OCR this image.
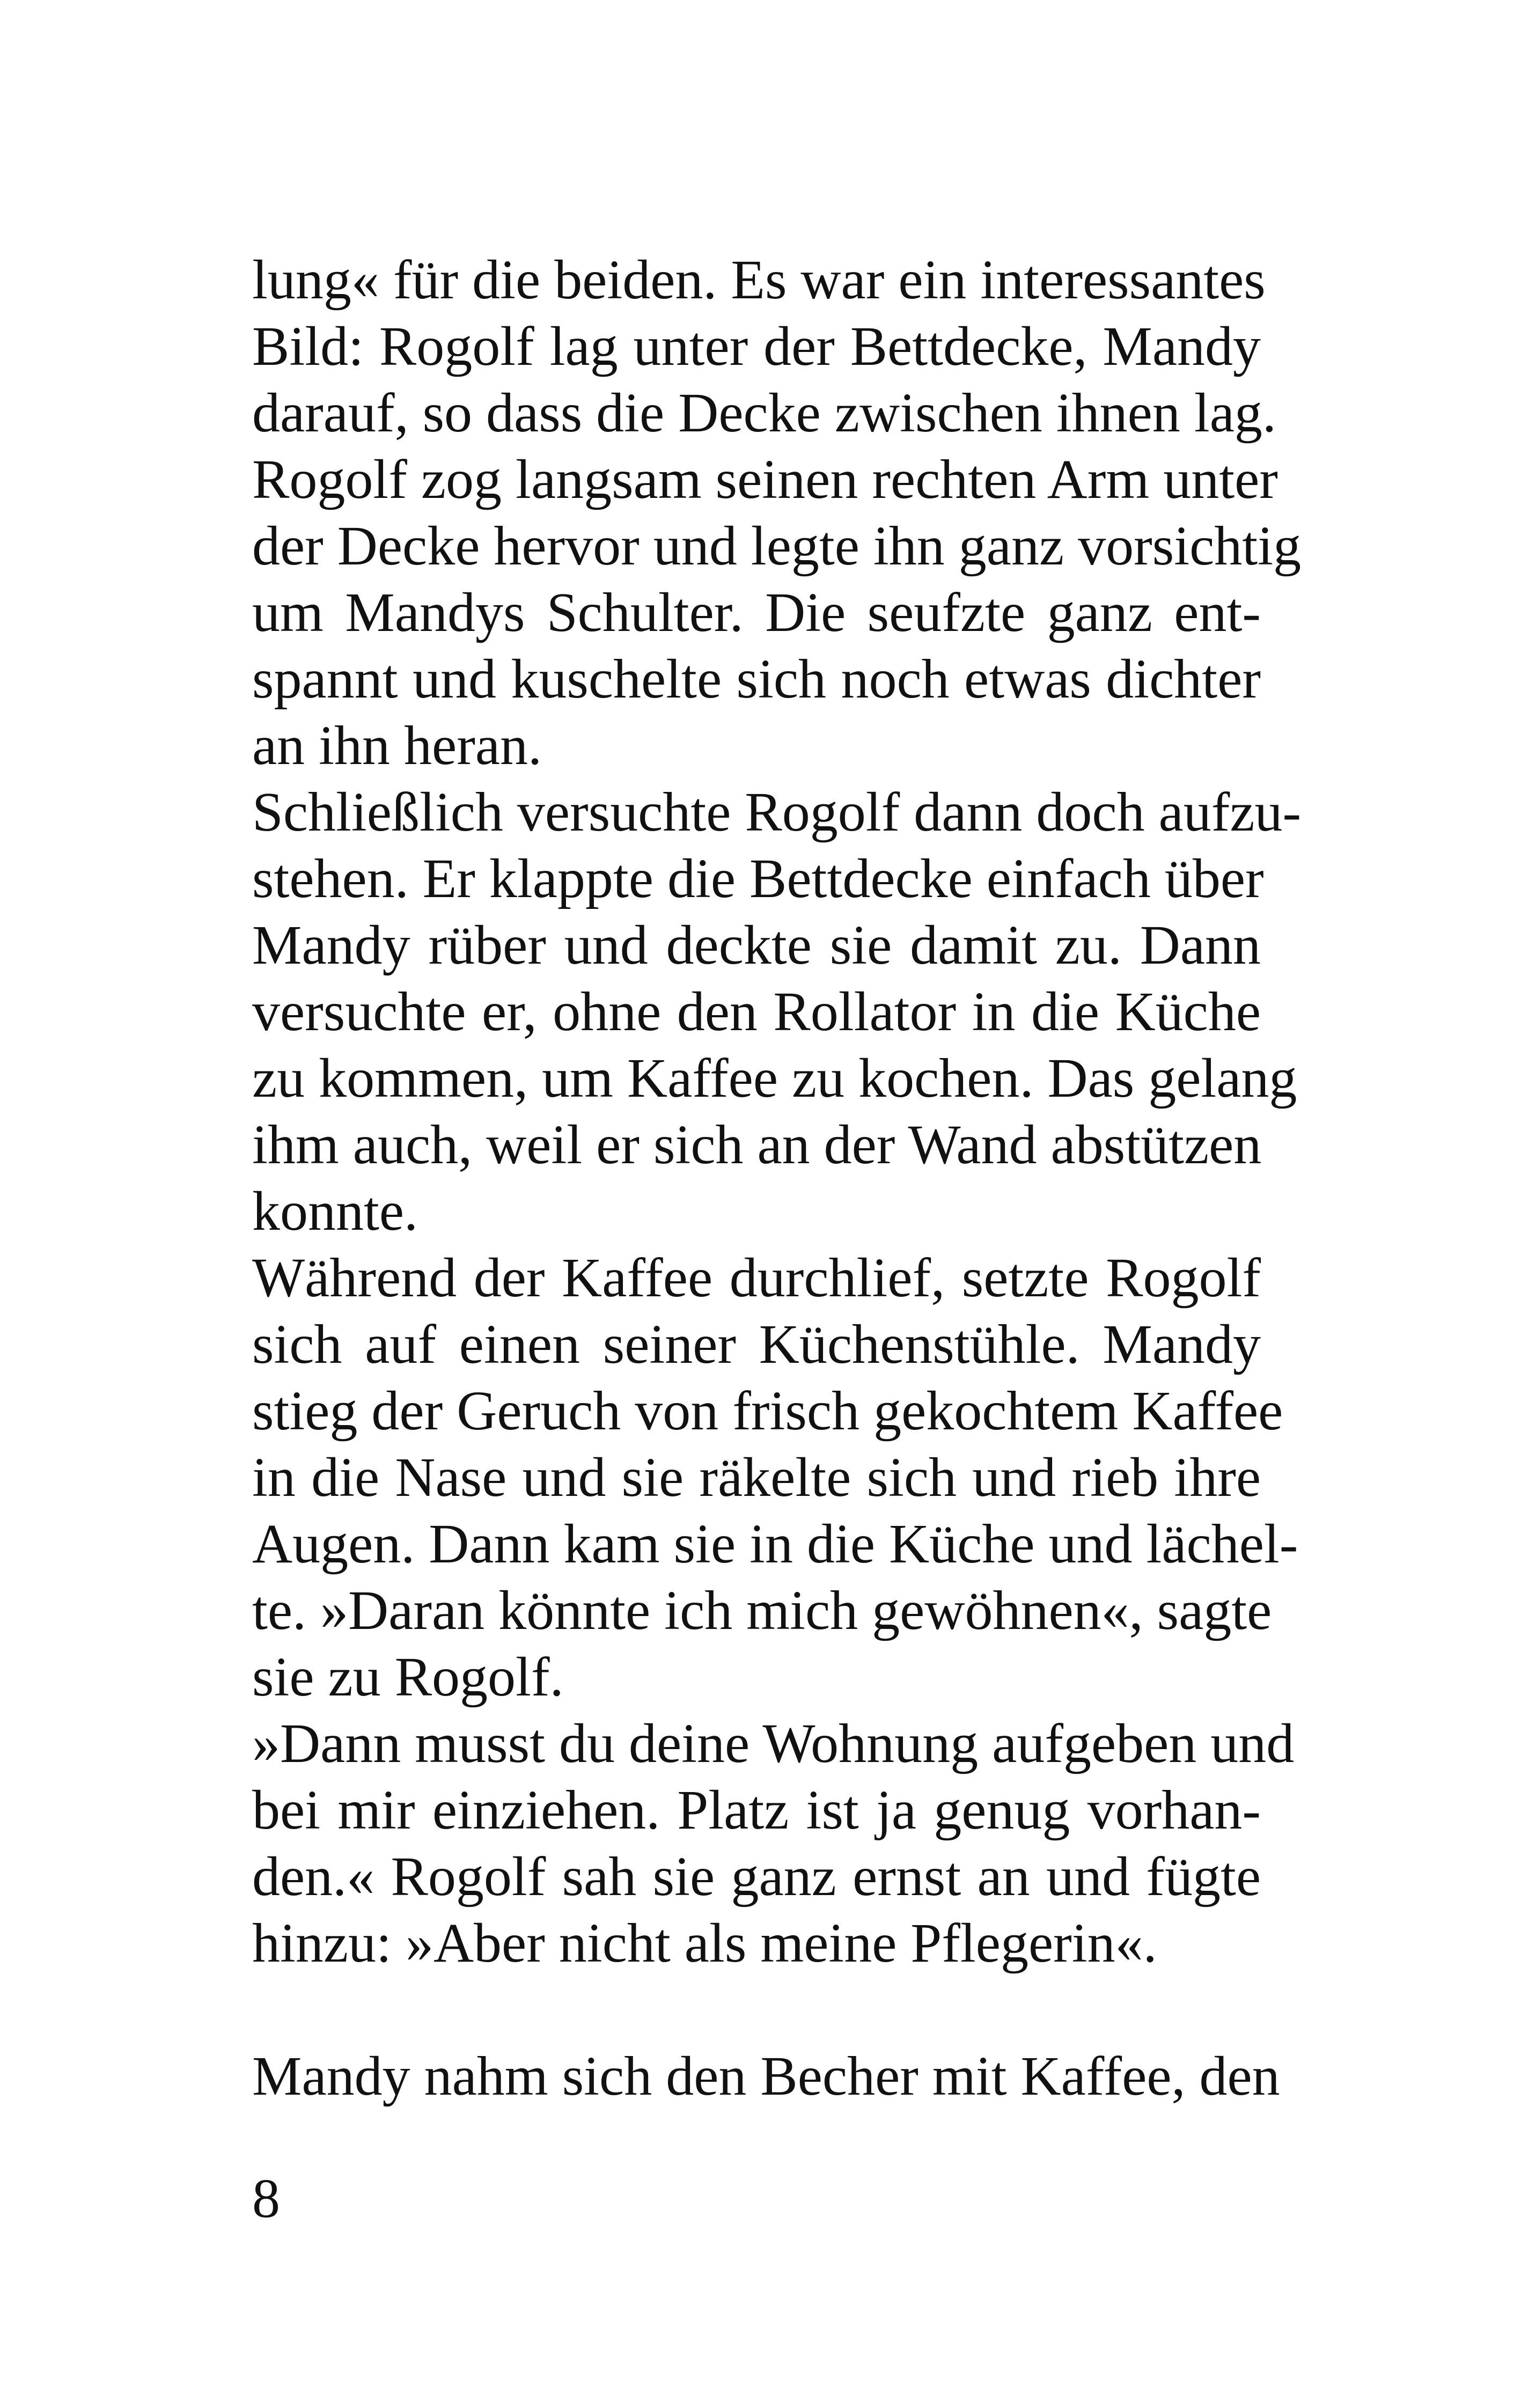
lung« für die beiden. Es war ein interessantes
Bild: Rogolf lag unter der Bettdecke, Mandy
darauf, so dass die Decke zwischen ihnen lag.
Rogolf zog langsam seinen rechten Arm unter
der Decke hervor und legte ihn ganz vorsichtig
um Mandys Schulter. Die seufzte ganz ent-
spannt und kuschelte sich noch etwas dichter
an ihn heran.
Schließlich versuchte Rogolf dann doch aufzu-
stehen. Er klappte die Bettdecke einfach über
Mandy rüber und deckte sie damit zu. Dann
versuchte er, ohne den Rollator in die Küche
zu kommen, um Kaffee zu kochen. Das gelang
ihm auch, weil er sich an der Wand abstützen
konnte.
Während der Kaffee durchlief, setzte Rogolf
sich auf einen seiner Küchenstühle. Mandy
stieg der Geruch von frisch gekochtem Kaffee
in die Nase und sie räkelte sich und rieb ihre
Augen. Dann kam sie in die Küche und lächel-
te. »Daran könnte ich mich gewöhnen«, sagte
sie zu Rogolf.
»Dann musst du deine Wohnung aufgeben und
bei mir einziehen. Platz ist ja genug vorhan-
den.« Rogolf sah sie ganz ernst an und fügte
hinzu: »Aber nicht als meine Pflegerin«.
Mandy nahm sich den Becher mit Kaffee, den
8
